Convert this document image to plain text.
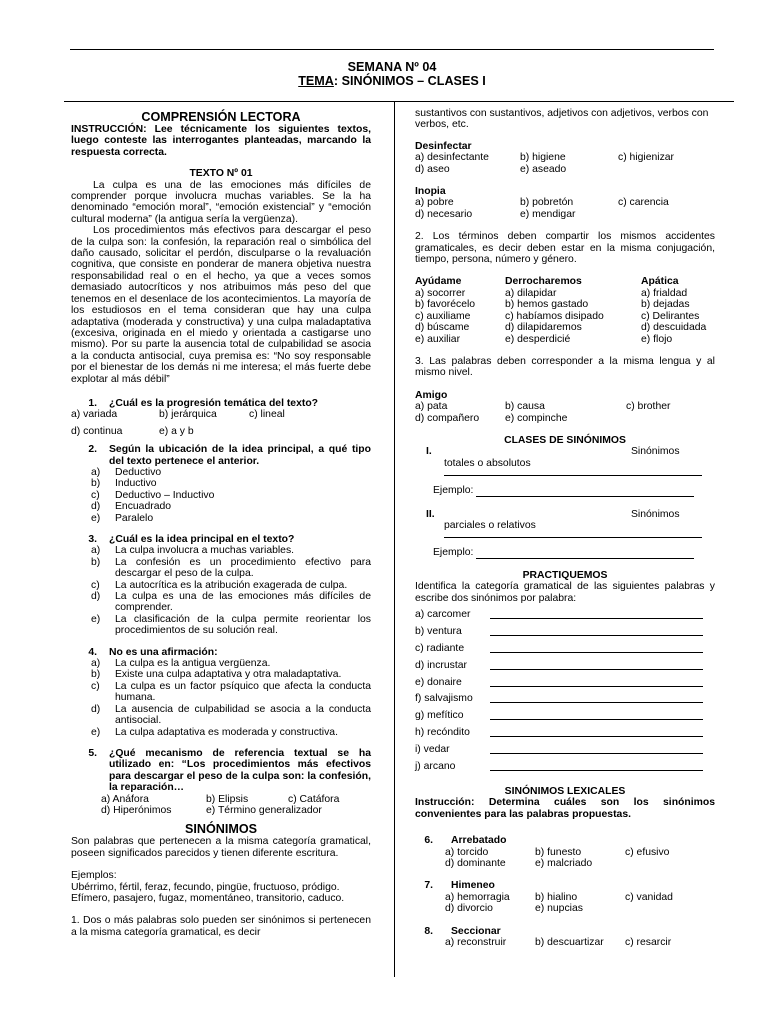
SEMANA Nº 04
TEMA: SINÓNIMOS – CLASES I
COMPRENSIÓN LECTORA

INSTRUCCIÓN: Lee técnicamente los siguientes textos, luego conteste las interrogantes planteadas, marcando la respuesta correcta.

TEXTO Nº 01

La culpa es una de las emociones más difíciles de comprender porque involucra muchas variables. Se la ha denominado “emoción moral”, “emoción existencial” y “emoción cultural moderna” (la antigua sería la vergüenza).

Los procedimientos más efectivos para descargar el peso de la culpa son: la confesión, la reparación real o simbólica del daño causado, solicitar el perdón, disculparse o la revaluación cognitiva, que consiste en ponderar de manera objetiva nuestra responsabilidad real o en el hecho, ya que a veces somos demasiado autocríticos y nos atribuimos más peso del que tenemos en el desenlace de los acontecimientos. La mayoría de los estudiosos en el tema consideran que hay una culpa adaptativa (moderada y constructiva) y una culpa maladaptativa (excesiva, originada en el miedo y orientada a castigarse uno mismo). Por su parte la ausencia total de culpabilidad se asocia a la conducta antisocial, cuya premisa es: “No soy responsable por el bienestar de los demás ni me interesa; el más fuerte debe explotar al más débil”

1.	¿Cuál es la progresión temática del texto?
a) variada	b) jerárquica	c) lineal
d) continua	e) a y b
2.	Según la ubicación de la idea principal, a qué tipo del texto pertenece el anterior.
a)	Deductivo
b)	Inductivo
c)	Deductivo – Inductivo
d)	Encuadrado
e)	Paralelo
3.	¿Cuál es la idea principal en el texto?
a)	La culpa involucra a muchas variables.
b)	La confesión es un procedimiento efectivo para descargar el peso de la culpa.
c)	La autocrítica es la atribución exagerada de culpa.
d)	La culpa es una de las emociones más difíciles de comprender.
e)	La clasificación de la culpa permite reorientar los procedimientos de su solución real.
4.	No es una afirmación:
a)	La culpa es la antigua vergüenza.
b)	Existe una culpa adaptativa y otra maladaptativa.
c)	La culpa es un factor psíquico que afecta la conducta humana.
d)	La ausencia de culpabilidad se asocia a la conducta antisocial.
e)	La culpa adaptativa es moderada y constructiva.
5.	¿Qué mecanismo de referencia textual se ha utilizado en: “Los procedimientos más efectivos para descargar el peso de la culpa son: la confesión, la reparación…
a) Anáfora	b) Elipsis	c) Catáfora
d) Hiperónimos	e) Término generalizador
SINÓNIMOS

Son palabras que pertenecen a la misma categoría gramatical, poseen significados parecidos y tienen diferente escritura.

Ejemplos:

Ubérrimo, fértil, feraz, fecundo, pingüe, fructuoso, pródigo.

Efímero, pasajero, fugaz, momentáneo, transitorio, caduco.

1. Dos o más palabras solo pueden ser sinónimos si pertenecen a la misma categoría gramatical, es decir

sustantivos con sustantivos, adjetivos con adjetivos, verbos con verbos, etc.

Desinfectar

a) desinfectante	b) higiene	c) higienizar
d) aseo	e) aseado

Inopia

a) pobre	b) pobretón	c) carencia
d) necesario	e) mendigar

2. Los términos deben compartir los mismos accidentes gramaticales, es decir deben estar en la misma conjugación, tiempo, persona, número y género.

Ayúdame	Derrocharemos	Apática
a) socorrer	a) dilapidar	a) frialdad
b) favorécelo	b) hemos gastado	b) dejadas
c) auxiliame	c) habíamos disipado	c) Delirantes
d) búscame	d) dilapidaremos	d) descuidada
e) auxiliar	e) desperdicié	e) flojo

3. Las palabras deben corresponder a la misma lengua y al mismo nivel.

Amigo

a) pata	b) causa	c) brother
d) compañero	e) compinche
CLASES DE SINÓNIMOS
I.	Sinónimos

totales o absolutos

Ejemplo:
II.	Sinónimos

parciales o relativos

Ejemplo:
PRACTIQUEMOS

Identifica la categoría gramatical de las siguientes palabras y escribe dos sinónimos por palabra:

a) carcomer
b) ventura
c) radiante
d) incrustar
e) donaire
f) salvajismo
g) mefítico
h) recóndito
i) vedar
j) arcano
SINÓNIMOS LEXICALES

Instrucción: Determina cuáles son los sinónimos convenientes para las palabras propuestas.

6.	Arrebatado
a) torcido	b) funesto	c) efusivo
d) dominante	e) malcriado
7.	Himeneo
a) hemorragia	b) hialino	c) vanidad
d) divorcio	e) nupcias
8.	Seccionar
a) reconstruir	b) descuartizar	c) resarcir
